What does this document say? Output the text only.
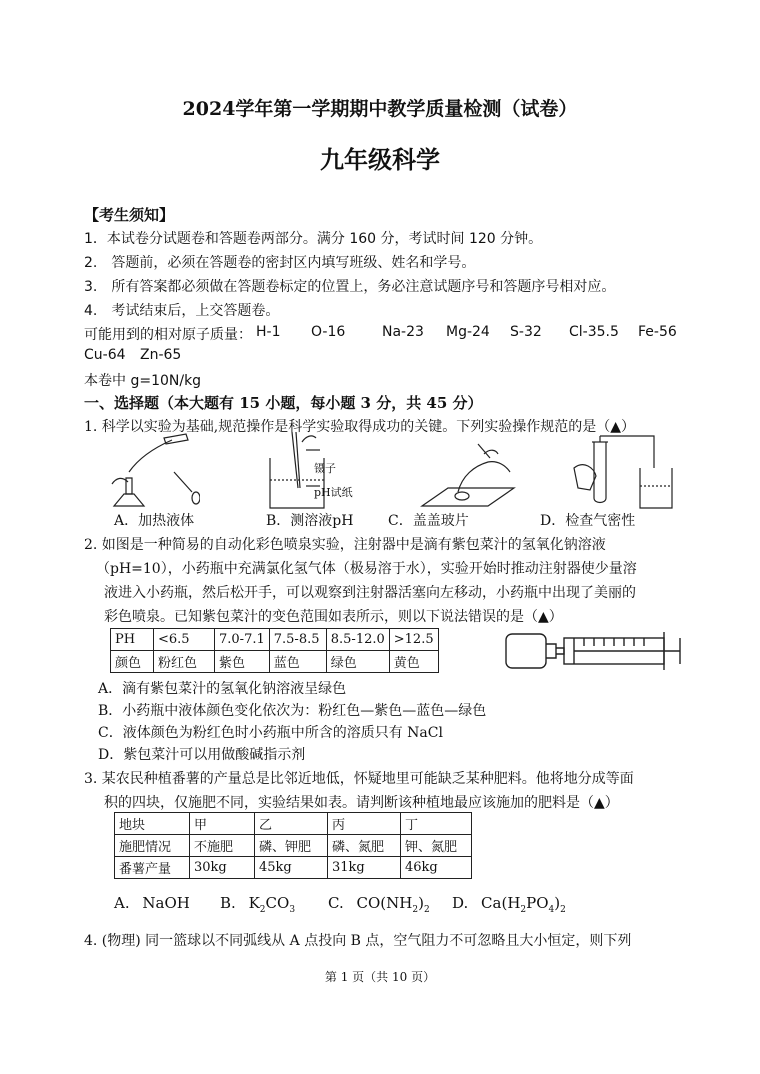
2024学年第一学期期中教学质量检测（试卷）
九年级科学
【考生须知】
1．本试卷分试题卷和答题卷两部分。满分 160 分，考试时间 120 分钟。
2.　答题前，必须在答题卷的密封区内填写班级、姓名和学号。
3.　所有答案都必须做在答题卷标定的位置上，务必注意试题序号和答题序号相对应。
4.　考试结束后，上交答题卷。
可能用到的相对原子质量： H-1 O-16	Na-23 Mg-24 S-32 Cl-35.5 Fe-56
Cu-64 Zn-65
本卷中 g=10N/kg
一、选择题（本大题有 15 小题，每小题 3 分，共 45 分）
1. 科学以实验为基础,规范操作是科学实验取得成功的关键。下列实验操作规范的是（▲）
镊子
pH试纸
A．加热液体	B．测溶液pH C．盖盖玻片	D．检查气密性
2. 如图是一种简易的自动化彩色喷泉实验，注射器中是滴有紫包菜汁的氢氧化钠溶液
（pH=10），小药瓶中充满氯化氢气体（极易溶于水），实验开始时推动注射器使少量溶
液进入小药瓶，然后松开手，可以观察到注射器活塞向左移动，小药瓶中出现了美丽的
彩色喷泉。已知紫包菜汁的变色范围如表所示，则以下说法错误的是（▲）
PH	<6.5	7.0-7.1	7.5-8.5	8.5-12.0	>12.5
颜色	粉红色	紫色	蓝色	绿色	黄色
A．滴有紫包菜汁的氢氧化钠溶液呈绿色
B．小药瓶中液体颜色变化依次为：粉红色—紫色—蓝色—绿色
C．液体颜色为粉红色时小药瓶中所含的溶质只有 NaCl
D．紫包菜汁可以用做酸碱指示剂
3. 某农民种植番薯的产量总是比邻近地低，怀疑地里可能缺乏某种肥料。他将地分成等面
积的四块，仅施肥不同，实验结果如表。请判断该种植地最应该施加的肥料是（▲）
地块	甲	乙	丙	丁
施肥情况	不施肥	磷、钾肥	磷、氮肥	钾、氮肥
番薯产量	30kg	45kg	31kg	46kg
A. NaOH B. $K_2CO_3$ C. $CO(NH_2)_2$ D. $Ca(H_2PO_4)_2$
4. (物理) 同一篮球以不同弧线从 A 点投向 B 点，空气阻力不可忽略且大小恒定，则下列
第 1 页（共 10 页）
